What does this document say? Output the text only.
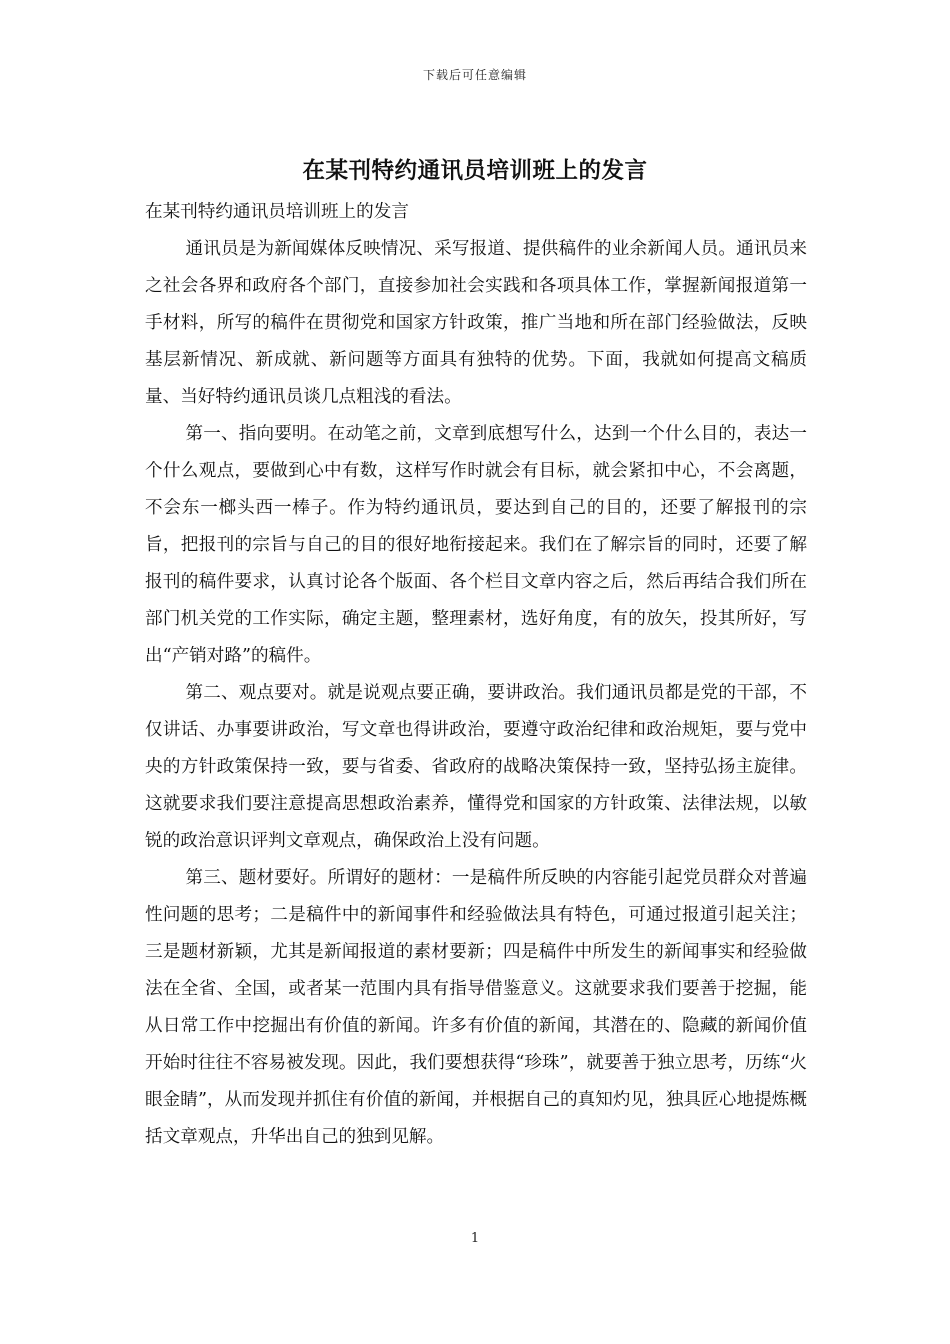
下载后可任意编辑
在某刊特约通讯员培训班上的发言

在某刊特约通讯员培训班上的发言

通讯员是为新闻媒体反映情况、采写报道、提供稿件的业余新闻人员。通讯员来之社会各界和政府各个部门，直接参加社会实践和各项具体工作，掌握新闻报道第一手材料，所写的稿件在贯彻党和国家方针政策，推广当地和所在部门经验做法，反映基层新情况、新成就、新问题等方面具有独特的优势。下面，我就如何提高文稿质量、当好特约通讯员谈几点粗浅的看法。

第一、指向要明。在动笔之前，文章到底想写什么，达到一个什么目的，表达一个什么观点，要做到心中有数，这样写作时就会有目标，就会紧扣中心，不会离题，不会东一榔头西一棒子。作为特约通讯员，要达到自己的目的，还要了解报刊的宗旨，把报刊的宗旨与自己的目的很好地衔接起来。我们在了解宗旨的同时，还要了解报刊的稿件要求，认真讨论各个版面、各个栏目文章内容之后，然后再结合我们所在部门机关党的工作实际，确定主题，整理素材，选好角度，有的放矢，投其所好，写出“产销对路”的稿件。

第二、观点要对。就是说观点要正确，要讲政治。我们通讯员都是党的干部，不仅讲话、办事要讲政治，写文章也得讲政治，要遵守政治纪律和政治规矩，要与党中央的方针政策保持一致，要与省委、省政府的战略决策保持一致，坚持弘扬主旋律。这就要求我们要注意提高思想政治素养，懂得党和国家的方针政策、法律法规，以敏锐的政治意识评判文章观点，确保政治上没有问题。

第三、题材要好。所谓好的题材：一是稿件所反映的内容能引起党员群众对普遍性问题的思考；二是稿件中的新闻事件和经验做法具有特色，可通过报道引起关注；三是题材新颖，尤其是新闻报道的素材要新；四是稿件中所发生的新闻事实和经验做法在全省、全国，或者某一范围内具有指导借鉴意义。这就要求我们要善于挖掘，能从日常工作中挖掘出有价值的新闻。许多有价值的新闻，其潜在的、隐藏的新闻价值开始时往往不容易被发现。因此，我们要想获得“珍珠”，就要善于独立思考，历练“火眼金睛”，从而发现并抓住有价值的新闻，并根据自己的真知灼见，独具匠心地提炼概括文章观点，升华出自己的独到见解。

1
